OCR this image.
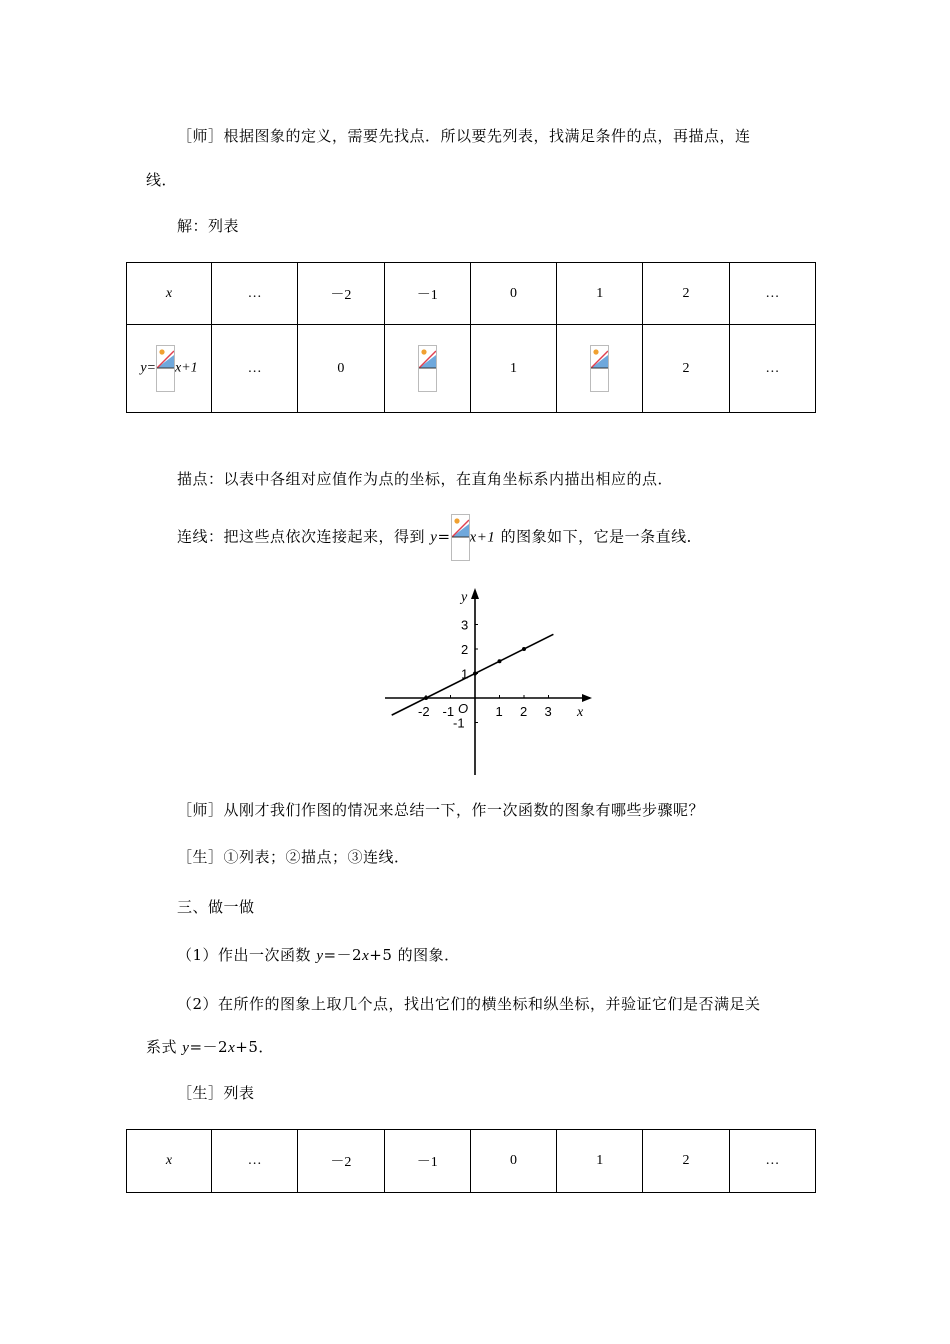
［师］根据图象的定义，需要先找点．所以要先列表，找满足条件的点，再描点，连
线．
解：列表
x	…	－2	－1	0	1	2	…
y= x+1	…	0		1		2	…
描点：以表中各组对应值作为点的坐标，在直角坐标系内描出相应的点．
连线：把这些点依次连接起来，得到 y= x+1 的图象如下，它是一条直线．
y
x
O
-2 -1	1 2 3
3
2
1
-1
［师］从刚才我们作图的情况来总结一下，作一次函数的图象有哪些步骤呢？
［生］①列表；②描点；③连线．
三、做一做
（1）作出一次函数 y=－2x+5 的图象．
（2）在所作的图象上取几个点，找出它们的横坐标和纵坐标，并验证它们是否满足关
系式 y=－2x+5．
［生］列表
x	…	－2	－1	0	1	2	…
